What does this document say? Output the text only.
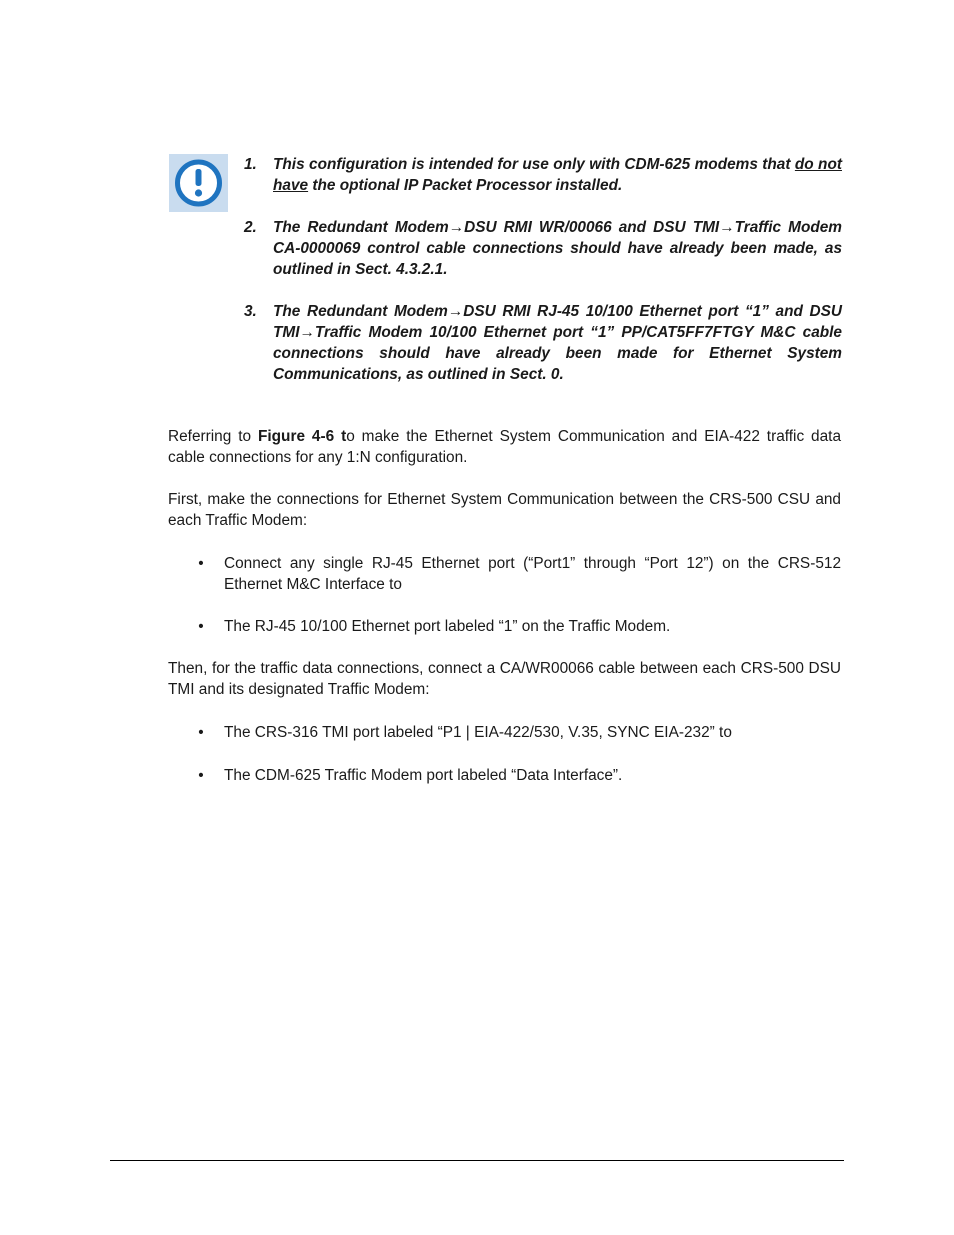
1. This configuration is intended for use only with CDM-625 modems that do not have the optional IP Packet Processor installed.
2. The Redundant Modem→DSU RMI WR/00066 and DSU TMI→Traffic Modem CA-0000069 control cable connections should have already been made, as outlined in Sect. 4.3.2.1.
3. The Redundant Modem→DSU RMI RJ-45 10/100 Ethernet port “1” and DSU TMI→Traffic Modem 10/100 Ethernet port “1” PP/CAT5FF7FTGY M&C cable connections should have already been made for Ethernet System Communications, as outlined in Sect. 0.

Referring to Figure 4-6 to make the Ethernet System Communication and EIA-422 traffic data cable connections for any 1:N configuration.

First, make the connections for Ethernet System Communication between the CRS-500 CSU and each Traffic Modem:

• Connect any single RJ-45 Ethernet port (“Port1” through “Port 12”) on the CRS-512 Ethernet M&C Interface to

• The RJ-45 10/100 Ethernet port labeled “1” on the Traffic Modem.

Then, for the traffic data connections, connect a CA/WR00066 cable between each CRS-500 DSU TMI and its designated Traffic Modem:

• The CRS-316 TMI port labeled “P1 | EIA-422/530, V.35, SYNC EIA-232” to

• The CDM-625 Traffic Modem port labeled “Data Interface”.
